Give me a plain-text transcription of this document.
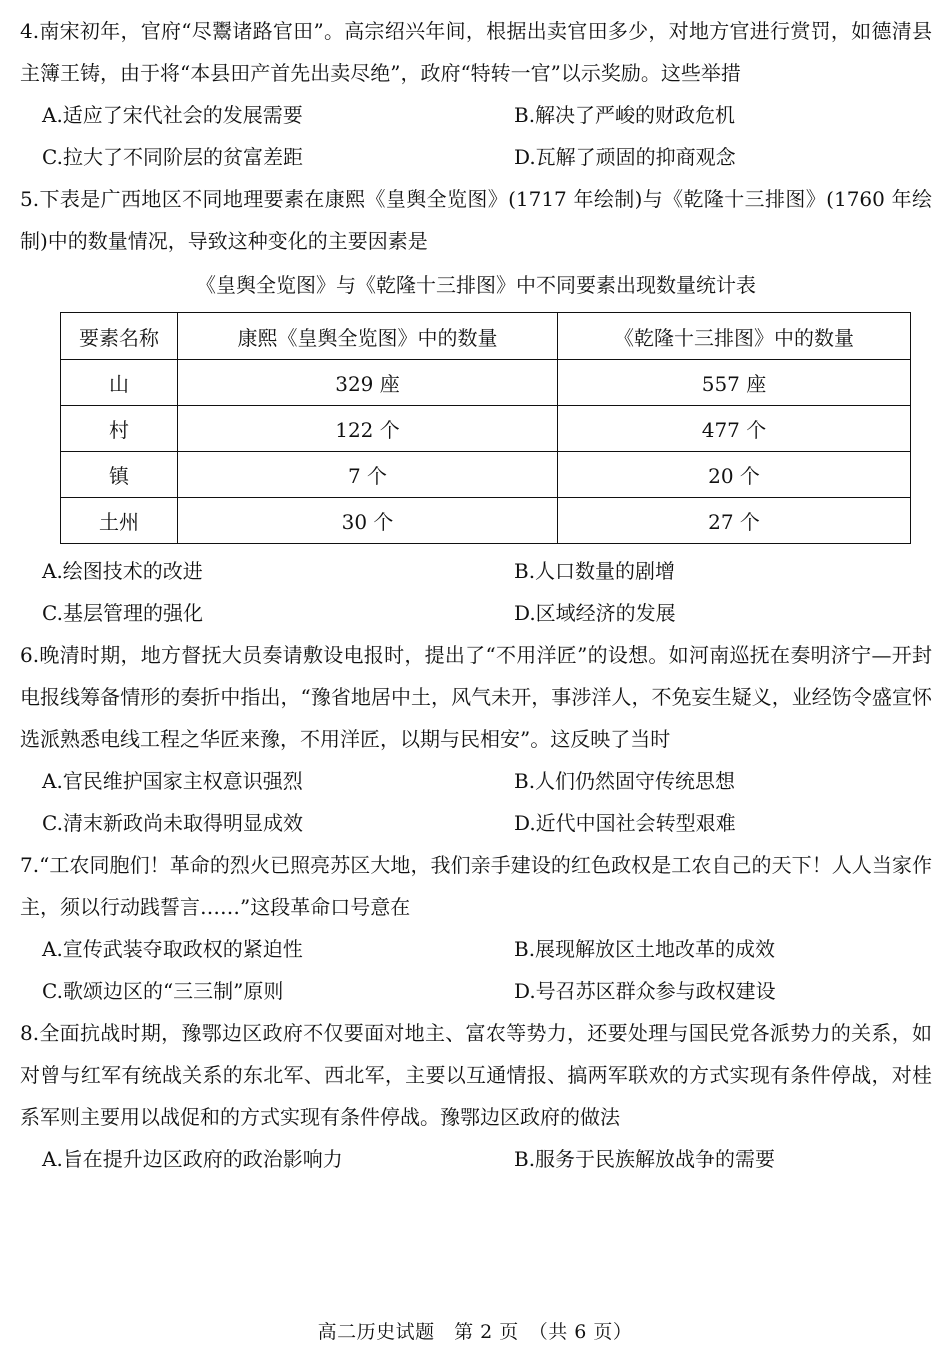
4.南宋初年，官府“尽鬻诸路官田”。高宗绍兴年间，根据出卖官田多少，对地方官进行赏罚，如德清县主簿王铸，由于将“本县田产首先出卖尽绝”，政府“特转一官”以示奖励。这些举措

A.适应了宋代社会的发展需要	B.解决了严峻的财政危机
C.拉大了不同阶层的贫富差距	D.瓦解了顽固的抑商观念

5.下表是广西地区不同地理要素在康熙《皇舆全览图》(1717 年绘制)与《乾隆十三排图》(1760 年绘制)中的数量情况，导致这种变化的主要因素是

《皇舆全览图》与《乾隆十三排图》中不同要素出现数量统计表
要素名称	康熙《皇舆全览图》中的数量	《乾隆十三排图》中的数量
山	329 座	557 座
村	122 个	477 个
镇	7 个	20 个
土州	30 个	27 个
A.绘图技术的改进	B.人口数量的剧增
C.基层管理的强化	D.区域经济的发展

6.晚清时期，地方督抚大员奏请敷设电报时，提出了“不用洋匠”的设想。如河南巡抚在奏明济宁—开封电报线筹备情形的奏折中指出，“豫省地居中土，风气未开，事涉洋人，不免妄生疑义，业经饬令盛宣怀选派熟悉电线工程之华匠来豫，不用洋匠，以期与民相安”。这反映了当时

A.官民维护国家主权意识强烈	B.人们仍然固守传统思想
C.清末新政尚未取得明显成效	D.近代中国社会转型艰难

7.“工农同胞们！革命的烈火已照亮苏区大地，我们亲手建设的红色政权是工农自己的天下！人人当家作主，须以行动践誓言……”这段革命口号意在

A.宣传武装夺取政权的紧迫性	B.展现解放区土地改革的成效
C.歌颂边区的“三三制”原则	D.号召苏区群众参与政权建设

8.全面抗战时期，豫鄂边区政府不仅要面对地主、富农等势力，还要处理与国民党各派势力的关系，如对曾与红军有统战关系的东北军、西北军，主要以互通情报、搞两军联欢的方式实现有条件停战，对桂系军则主要用以战促和的方式实现有条件停战。豫鄂边区政府的做法

A.旨在提升边区政府的政治影响力	B.服务于民族解放战争的需要
高二历史试题　第 2 页　（共 6 页）
